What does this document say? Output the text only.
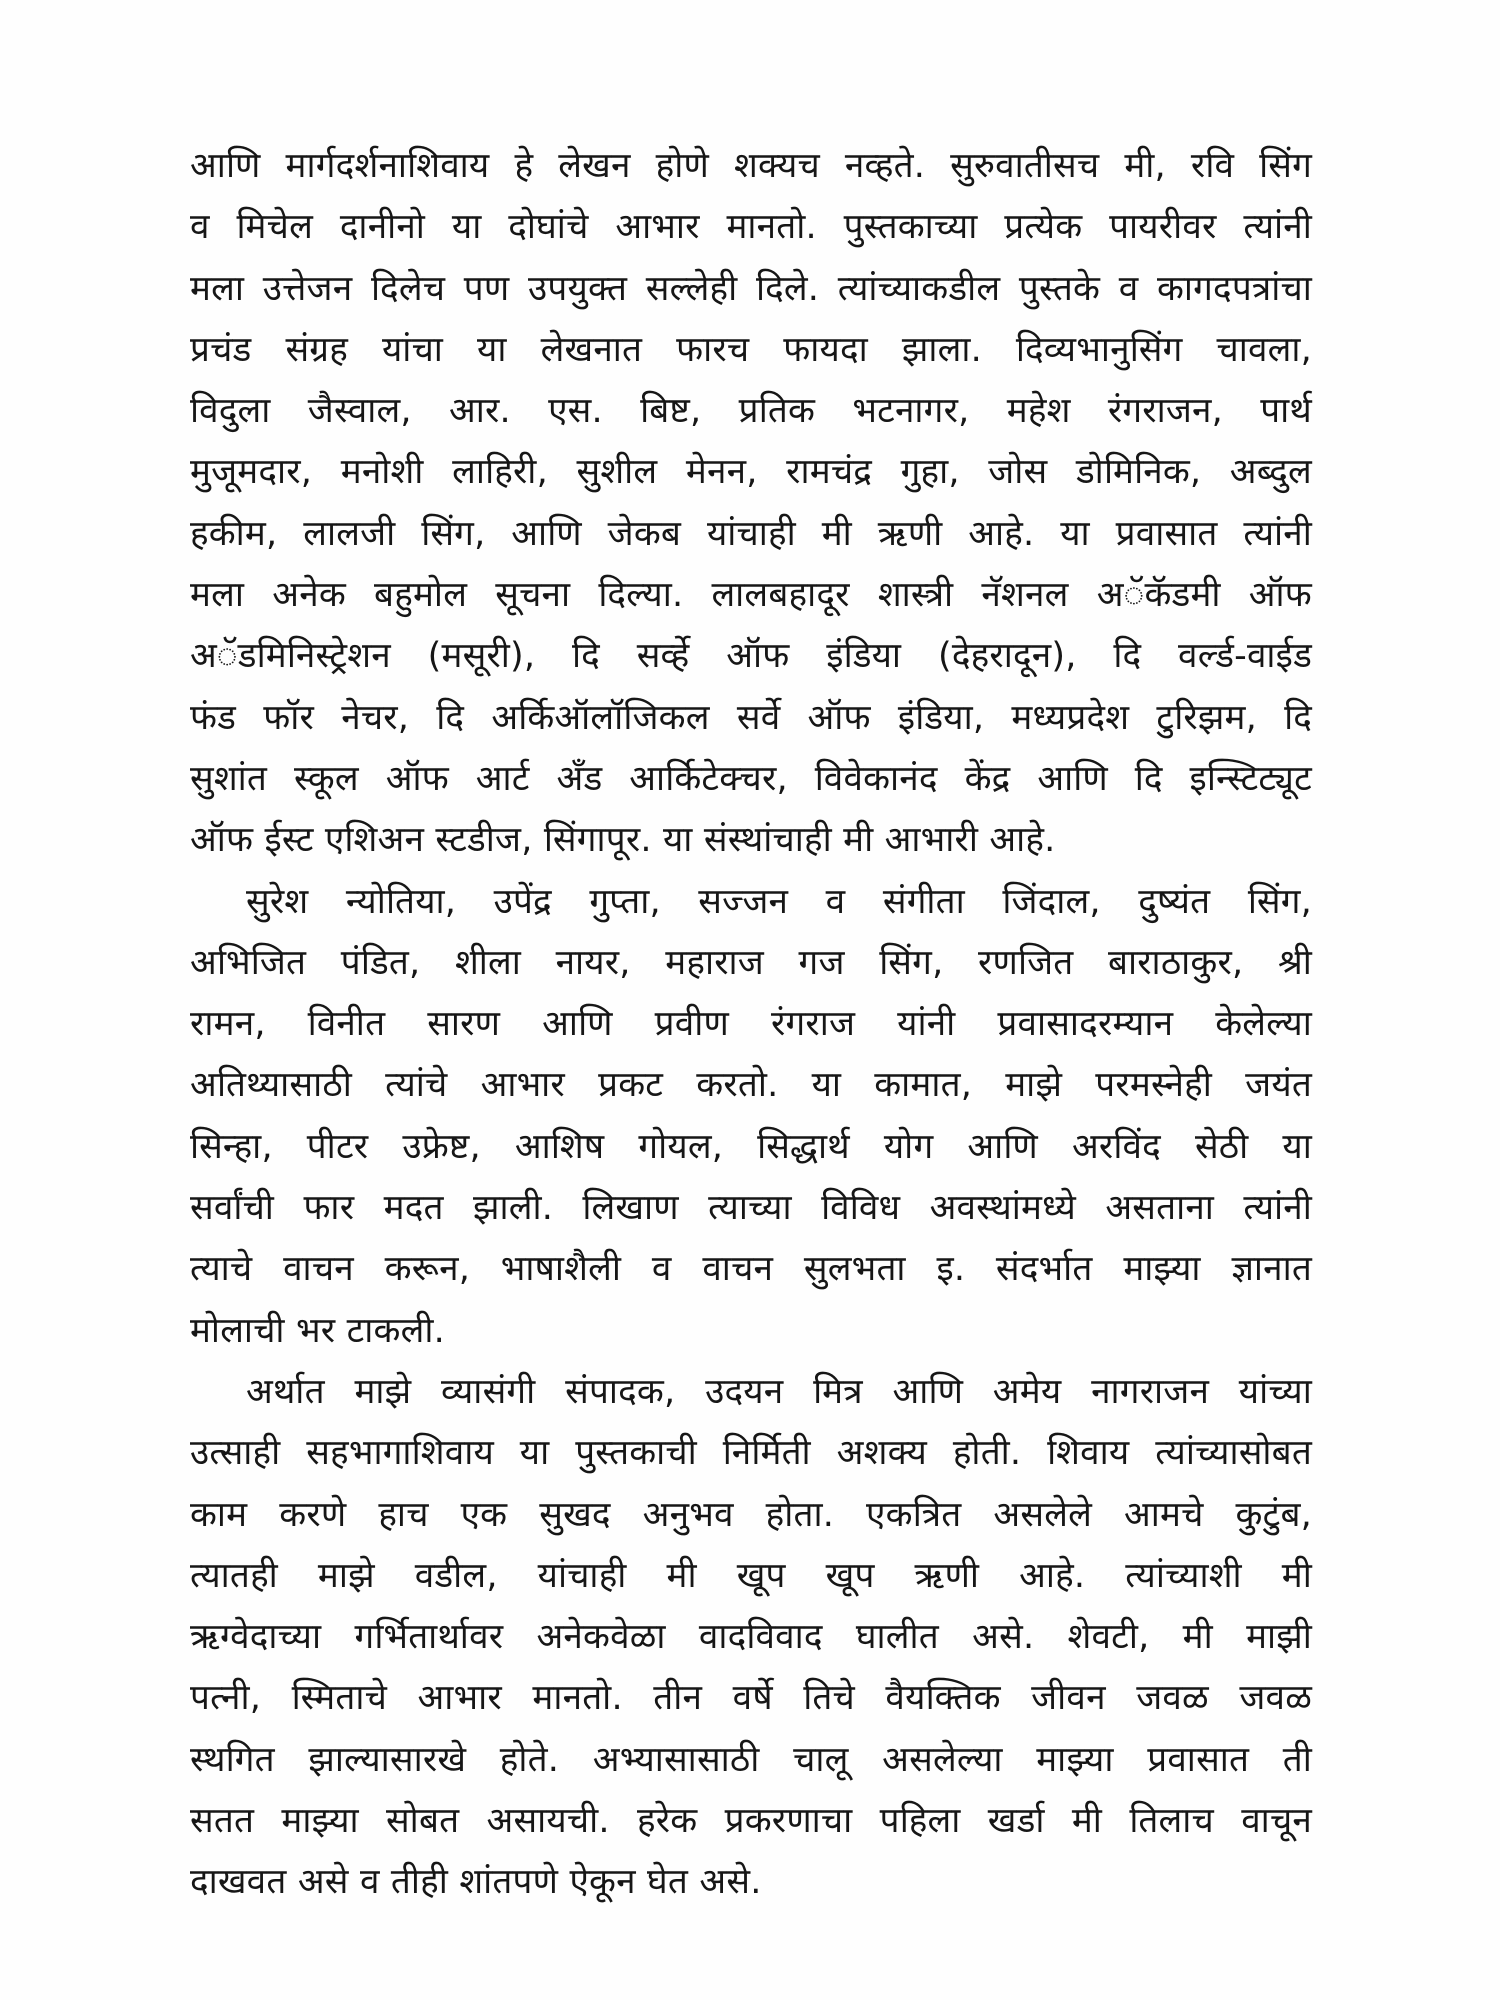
आणि मार्गदर्शनाशिवाय हे लेखन होणे शक्यच नव्हते. सुरुवातीसच मी, रवि सिंग
व मिचेल दानीनो या दोघांचे आभार मानतो. पुस्तकाच्या प्रत्येक पायरीवर त्यांनी
मला उत्तेजन दिलेच पण उपयुक्त सल्लेही दिले. त्यांच्याकडील पुस्तके व कागदपत्रांचा
प्रचंड संग्रह यांचा या लेखनात फारच फायदा झाला. दिव्यभानुसिंग चावला,
विदुला जैस्वाल, आर. एस. बिष्ट, प्रतिक भटनागर, महेश रंगराजन, पार्थ
मुजूमदार, मनोशी लाहिरी, सुशील मेनन, रामचंद्र गुहा, जोस डोमिनिक, अब्दुल
हकीम, लालजी सिंग, आणि जेकब यांचाही मी ऋणी आहे. या प्रवासात त्यांनी
मला अनेक बहुमोल सूचना दिल्या. लालबहादूर शास्त्री नॅशनल अॅकॅडमी ऑफ
अॅडमिनिस्ट्रेशन (मसूरी), दि सर्व्हे ऑफ इंडिया (देहरादून), दि वर्ल्ड-वाईड
फंड फॉर नेचर, दि अर्किऑलॉजिकल सर्वे ऑफ इंडिया, मध्यप्रदेश टुरिझम, दि
सुशांत स्कूल ऑफ आर्ट अँड आर्किटेक्चर, विवेकानंद केंद्र आणि दि इन्स्टिट्यूट
ऑफ ईस्ट एशिअन स्टडीज, सिंगापूर. या संस्थांचाही मी आभारी आहे.
सुरेश न्योतिया, उपेंद्र गुप्ता, सज्जन व संगीता जिंदाल, दुष्यंत सिंग,
अभिजित पंडित, शीला नायर, महाराज गज सिंग, रणजित बाराठाकुर, श्री
रामन, विनीत सारण आणि प्रवीण रंगराज यांनी प्रवासादरम्यान केलेल्या
अतिथ्यासाठी त्यांचे आभार प्रकट करतो. या कामात, माझे परमस्नेही जयंत
सिन्हा, पीटर उफ्रेष्ट, आशिष गोयल, सिद्धार्थ योग आणि अरविंद सेठी या
सर्वांची फार मदत झाली. लिखाण त्याच्या विविध अवस्थांमध्ये असताना त्यांनी
त्याचे वाचन करून, भाषाशैली व वाचन सुलभता इ. संदर्भात माझ्या ज्ञानात
मोलाची भर टाकली.
अर्थात माझे व्यासंगी संपादक, उदयन मित्र आणि अमेय नागराजन यांच्या
उत्साही सहभागाशिवाय या पुस्तकाची निर्मिती अशक्य होती. शिवाय त्यांच्यासोबत
काम करणे हाच एक सुखद अनुभव होता. एकत्रित असलेले आमचे कुटुंब,
त्यातही माझे वडील, यांचाही मी खूप खूप ऋणी आहे. त्यांच्याशी मी
ऋग्वेदाच्या गर्भितार्थावर अनेकवेळा वादविवाद घालीत असे. शेवटी, मी माझी
पत्नी, स्मिताचे आभार मानतो. तीन वर्षे तिचे वैयक्तिक जीवन जवळ जवळ
स्थगित झाल्यासारखे होते. अभ्यासासाठी चालू असलेल्या माझ्या प्रवासात ती
सतत माझ्या सोबत असायची. हरेक प्रकरणाचा पहिला खर्डा मी तिलाच वाचून
दाखवत असे व तीही शांतपणे ऐकून घेत असे.
